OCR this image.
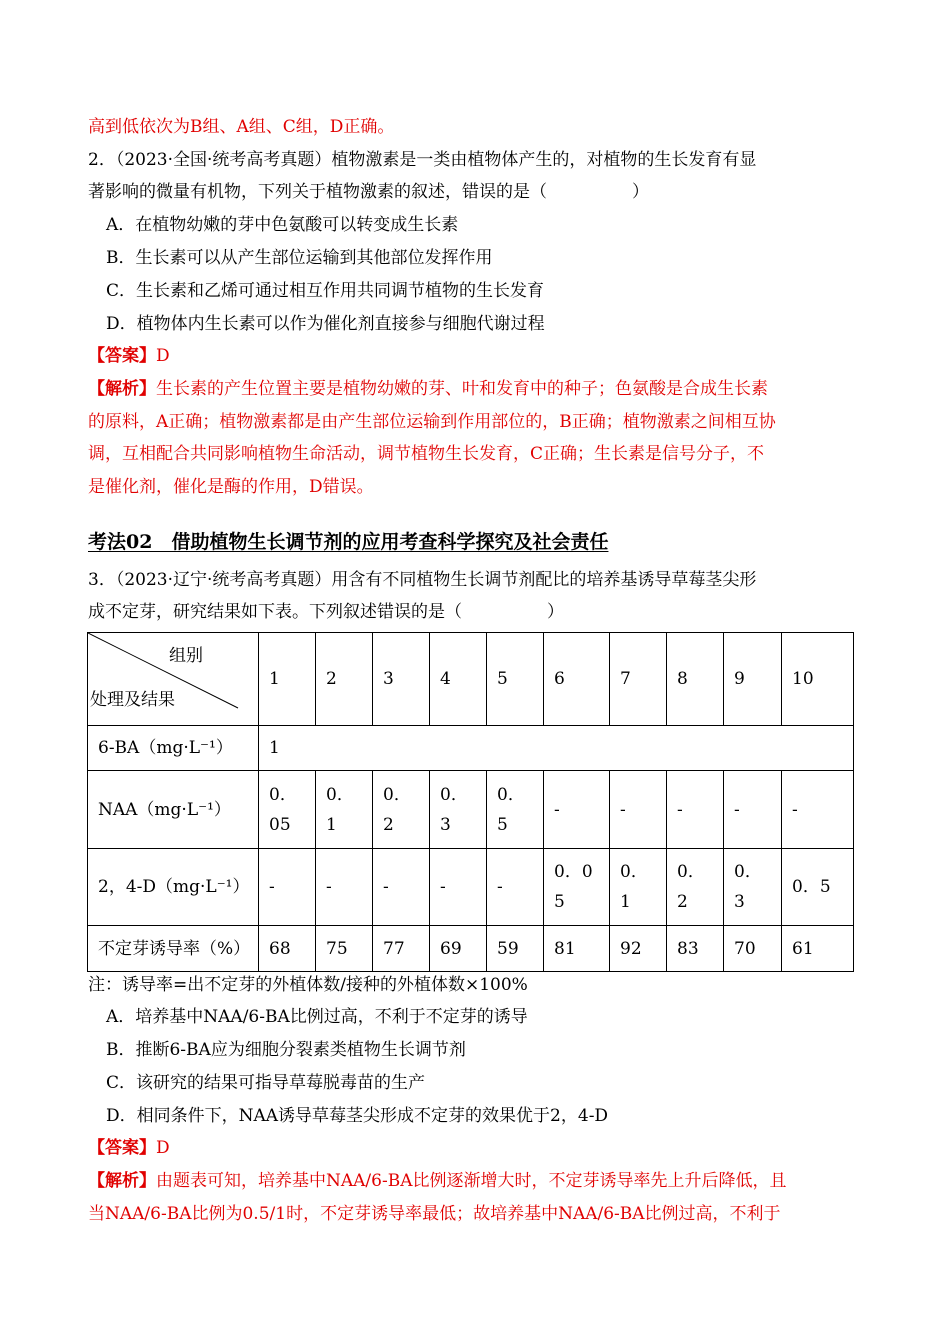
高到低依次为B组、A组、C组，D正确。
2．（2023·全国·统考高考真题）植物激素是一类由植物体产生的，对植物的生长发育有显
著影响的微量有机物，下列关于植物激素的叙述，错误的是（　　　　　）
A．在植物幼嫩的芽中色氨酸可以转变成生长素
B．生长素可以从产生部位运输到其他部位发挥作用
C．生长素和乙烯可通过相互作用共同调节植物的生长发育
D．植物体内生长素可以作为催化剂直接参与细胞代谢过程
【答案】D
【解析】生长素的产生位置主要是植物幼嫩的芽、叶和发育中的种子；色氨酸是合成生长素
的原料，A正确；植物激素都是由产生部位运输到作用部位的，B正确；植物激素之间相互协
调，互相配合共同影响植物生命活动，调节植物生长发育，C正确；生长素是信号分子，不
是催化剂，催化是酶的作用，D错误。
考法02　借助植物生长调节剂的应用考查科学探究及社会责任
3．（2023·辽宁·统考高考真题）用含有不同植物生长调节剂配比的培养基诱导草莓茎尖形
成不定芽，研究结果如下表。下列叙述错误的是（　　　　　）
组别
处理及结果	1	2	3	4	5	6	7	8	9	10
6-BA（mg·L⁻¹）	1									
NAA（mg·L⁻¹）	0．05	0．1	0．2	0．3	0．5	-	-	-	-	-
2，4-D（mg·L⁻¹）	-	-	-	-	-	0．05	0．1	0．2	0．3	0．5
不定芽诱导率（%）	68	75	77	69	59	81	92	83	70	61
注：诱导率=出不定芽的外植体数/接种的外植体数×100%
A．培养基中NAA/6-BA比例过高，不利于不定芽的诱导
B．推断6-BA应为细胞分裂素类植物生长调节剂
C．该研究的结果可指导草莓脱毒苗的生产
D．相同条件下，NAA诱导草莓茎尖形成不定芽的效果优于2，4-D
【答案】D
【解析】由题表可知，培养基中NAA/6-BA比例逐渐增大时，不定芽诱导率先上升后降低，且
当NAA/6-BA比例为0.5/1时，不定芽诱导率最低；故培养基中NAA/6-BA比例过高，不利于
